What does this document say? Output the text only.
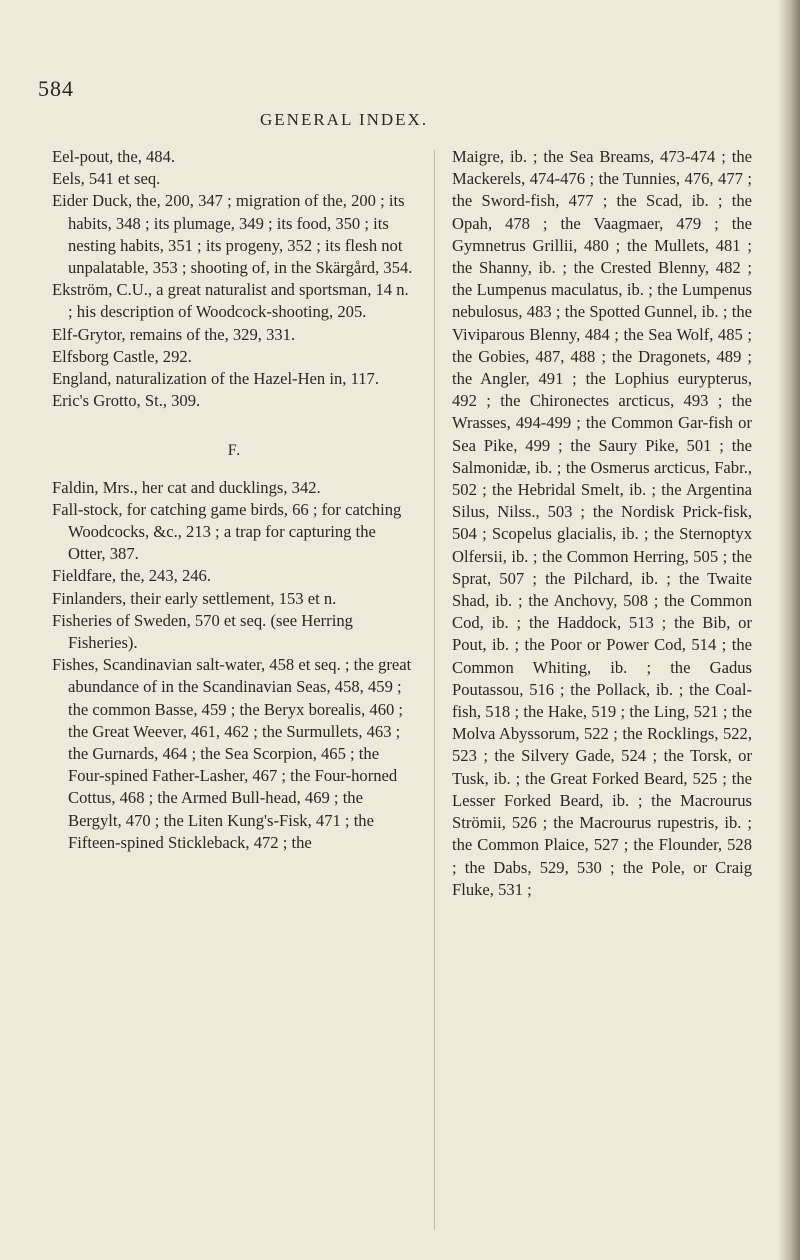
584
GENERAL INDEX.

Eel-pout, the, 484.

Eels, 541 et seq.

Eider Duck, the, 200, 347 ; migration of the, 200 ; its habits, 348 ; its plumage, 349 ; its food, 350 ; its nesting habits, 351 ; its progeny, 352 ; its flesh not unpalatable, 353 ; shooting of, in the Skärgård, 354.

Ekström, C.U., a great naturalist and sportsman, 14 n. ; his description of Woodcock-shooting, 205.

Elf-Grytor, remains of the, 329, 331.

Elfsborg Castle, 292.

England, naturalization of the Hazel-Hen in, 117.

Eric's Grotto, St., 309.

F.

Faldin, Mrs., her cat and ducklings, 342.

Fall-stock, for catching game birds, 66 ; for catching Woodcocks, &c., 213 ; a trap for capturing the Otter, 387.

Fieldfare, the, 243, 246.

Finlanders, their early settlement, 153 et n.

Fisheries of Sweden, 570 et seq. (see Herring Fisheries).

Fishes, Scandinavian salt-water, 458 et seq. ; the great abundance of in the Scandinavian Seas, 458, 459 ; the common Basse, 459 ; the Beryx borealis, 460 ; the Great Weever, 461, 462 ; the Surmullets, 463 ; the Gurnards, 464 ; the Sea Scorpion, 465 ; the Four-spined Father-Lasher, 467 ; the Four-horned Cottus, 468 ; the Armed Bull-head, 469 ; the Bergylt, 470 ; the Liten Kung's-Fisk, 471 ; the Fifteen-spined Stickleback, 472 ; the

Maigre, ib. ; the Sea Breams, 473-474 ; the Mackerels, 474-476 ; the Tunnies, 476, 477 ; the Sword-fish, 477 ; the Scad, ib. ; the Opah, 478 ; the Vaagmaer, 479 ; the Gymnetrus Grillii, 480 ; the Mullets, 481 ; the Shanny, ib. ; the Crested Blenny, 482 ; the Lumpenus maculatus, ib. ; the Lumpenus nebulosus, 483 ; the Spotted Gunnel, ib. ; the Viviparous Blenny, 484 ; the Sea Wolf, 485 ; the Gobies, 487, 488 ; the Dragonets, 489 ; the Angler, 491 ; the Lophius eurypterus, 492 ; the Chironectes arcticus, 493 ; the Wrasses, 494-499 ; the Common Gar-fish or Sea Pike, 499 ; the Saury Pike, 501 ; the Salmonidæ, ib. ; the Osmerus arcticus, Fabr., 502 ; the Hebridal Smelt, ib. ; the Argentina Silus, Nilss., 503 ; the Nordisk Prick-fisk, 504 ; Scopelus glacialis, ib. ; the Sternoptyx Olfersii, ib. ; the Common Herring, 505 ; the Sprat, 507 ; the Pilchard, ib. ; the Twaite Shad, ib. ; the Anchovy, 508 ; the Common Cod, ib. ; the Haddock, 513 ; the Bib, or Pout, ib. ; the Poor or Power Cod, 514 ; the Common Whiting, ib. ; the Gadus Poutassou, 516 ; the Pollack, ib. ; the Coal-fish, 518 ; the Hake, 519 ; the Ling, 521 ; the Molva Abyssorum, 522 ; the Rocklings, 522, 523 ; the Silvery Gade, 524 ; the Torsk, or Tusk, ib. ; the Great Forked Beard, 525 ; the Lesser Forked Beard, ib. ; the Macrourus Strömii, 526 ; the Macrourus rupestris, ib. ; the Common Plaice, 527 ; the Flounder, 528 ; the Dabs, 529, 530 ; the Pole, or Craig Fluke, 531 ;
